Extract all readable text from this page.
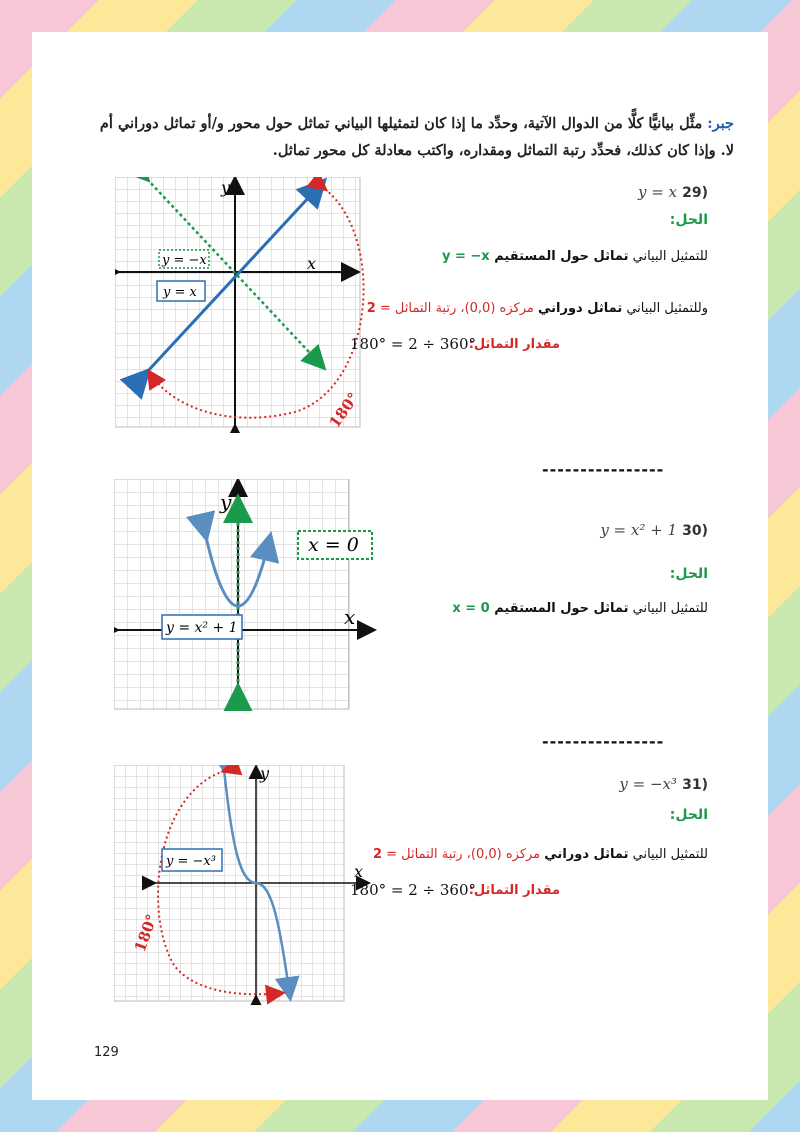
جبر: مثِّل بيانيًّا كلًّا من الدوال الآتية، وحدِّد ما إذا كان لتمثيلها البياني تماثل حول محور و/أو تماثل دوراني أم لا. وإذا كان كذلك، فحدِّد رتبة التماثل ومقداره، واكتب معادلة كل محور تماثل.
y
x
y = −x
y = x
180°
(29 y = x
الحل:
للتمثيل البياني تماثل حول المستقيم y = −x
وللتمثيل البياني تماثل دوراني مركزه (0,0)، رتبة التماثل = 2
مقدار التماثل:
180° = 2 ÷ 360°
----------------
y
x
x = 0
y = x² + 1
(30 y = x² + 1
الحل:
للتمثيل البياني تماثل حول المستقيم x = 0
----------------
y
x
y = −x³
180°
(31 y = −x³
الحل:
للتمثيل البياني تماثل دوراني مركزه (0,0)، رتبة التماثل = 2
مقدار التماثل:
180° = 2 ÷ 360°
129
